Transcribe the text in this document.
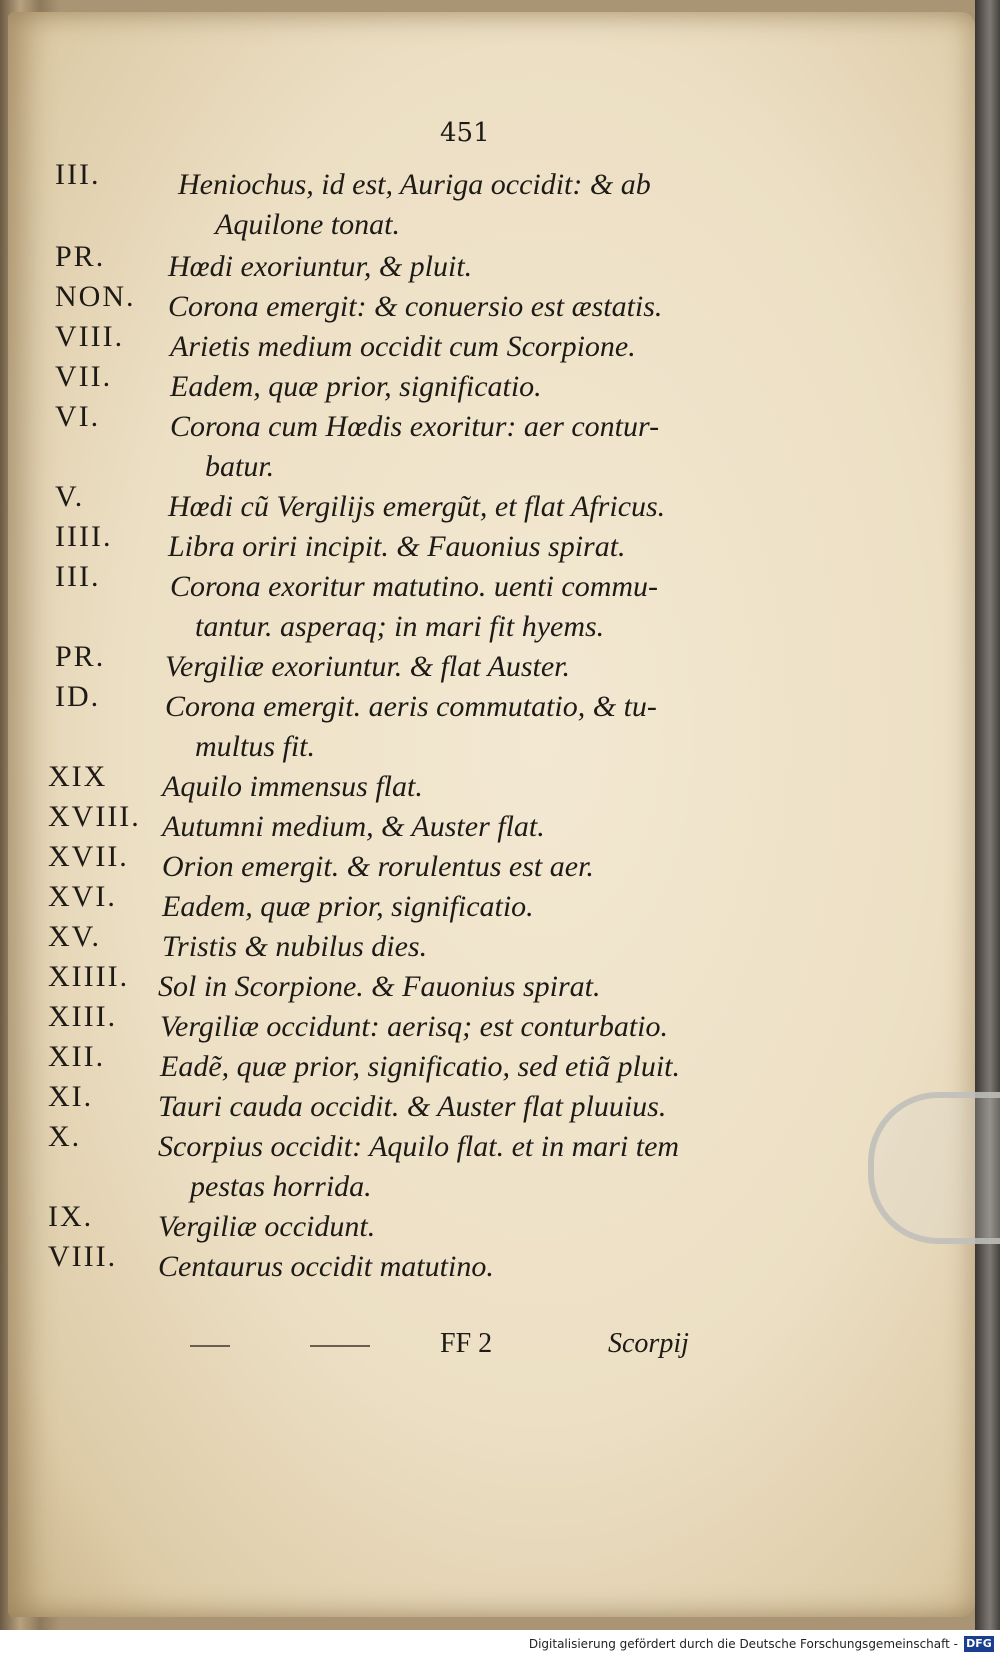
451
III.	Heniochus, id est, Auriga occidit: & ab
Aquilone tonat.
PR. Hœdi exoriuntur, & pluit.
NON. Corona emergit: & conuersio est æstatis.
VIII. Arietis medium occidit cum Scorpione.
VII. Eadem, quæ prior, significatio.
VI. Corona cum Hœdis exoritur: aer contur-
batur.
V.	Hœdi cũ Vergilijs emergũt, et flat Africus.
IIII. Libra oriri incipit. & Fauonius spirat.
III. Corona exoritur matutino. uenti commu-
tantur. asperaq; in mari fit hyems.
PR. Vergiliæ exoriuntur. & flat Auster.
ID. Corona emergit. aeris commutatio, & tu-
multus fit.
XIX Aquilo immensus flat.
XVIII. Autumni medium, & Auster flat.
XVII. Orion emergit. & rorulentus est aer.
XVI. Eadem, quæ prior, significatio.
XV. Tristis & nubilus dies.
XIIII. Sol in Scorpione. & Fauonius spirat.
XIII. Vergiliæ occidunt: aerisq; est conturbatio.
XII. Eadẽ, quæ prior, significatio, sed etiã pluit.
XI. Tauri cauda occidit. & Auster flat pluuius.
X.	Scorpius occidit: Aquilo flat. et in mari tem
pestas horrida.
IX. Vergiliæ occidunt.
VIII. Centaurus occidit matutino.
FF 2	Scorpij
Digitalisierung gefördert durch die Deutsche Forschungsgemeinschaft - DFG
